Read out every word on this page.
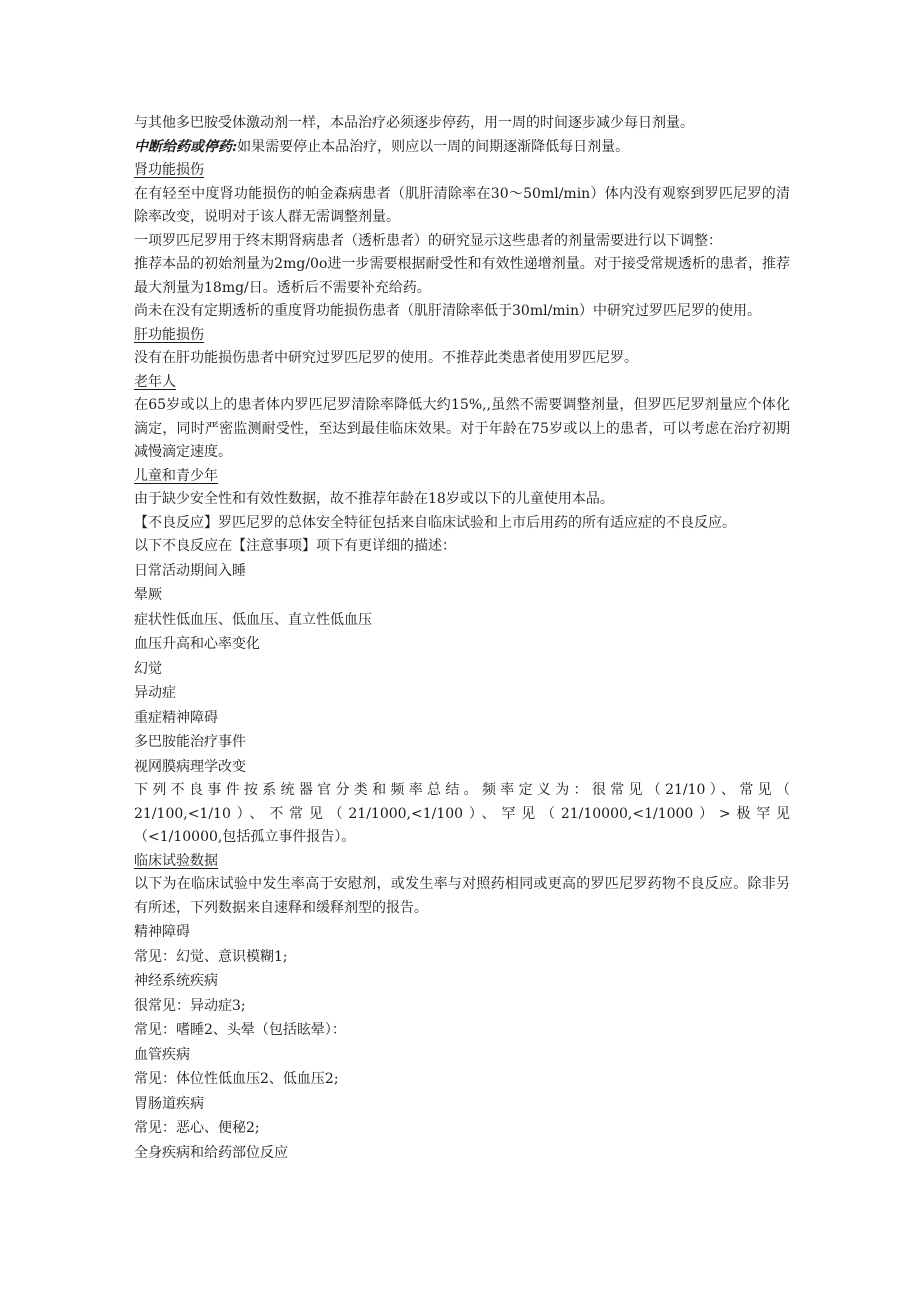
与其他多巴胺受体激动剂一样，本品治疗必须逐步停药，用一周的时间逐步减少每日剂量。

中断给药或停药:如果需要停止本品治疗，则应以一周的间期逐渐降低每日剂量。

肾功能损伤

在有轻至中度肾功能损伤的帕金森病患者（肌肝清除率在30～50ml/min）体内没有观察到罗匹尼罗的清除率改变，说明对于该人群无需调整剂量。

一项罗匹尼罗用于终末期肾病患者（透析患者）的研究显示这些患者的剂量需要进行以下调整：

推荐本品的初始剂量为2mg/0o进一步需要根据耐受性和有效性递增剂量。对于接受常规透析的患者，推荐最大剂量为18mg/日。透析后不需要补充给药。

尚未在没有定期透析的重度肾功能损伤患者（肌肝清除率低于30ml/min）中研究过罗匹尼罗的使用。

肝功能损伤

没有在肝功能损伤患者中研究过罗匹尼罗的使用。不推荐此类患者使用罗匹尼罗。

老年人

在65岁或以上的患者体内罗匹尼罗清除率降低大约15%,,虽然不需要调整剂量，但罗匹尼罗剂量应个体化滴定，同时严密监测耐受性，至达到最佳临床效果。对于年龄在75岁或以上的患者，可以考虑在治疗初期减慢滴定速度。

儿童和青少年

由于缺少安全性和有效性数据，故不推荐年龄在18岁或以下的儿童使用本品。

【不良反应】罗匹尼罗的总体安全特征包括来自临床试验和上市后用药的所有适应症的不良反应。

以下不良反应在【注意事项】项下有更详细的描述：

日常活动期间入睡

晕厥

症状性低血压、低血压、直立性低血压

血压升高和心率变化

幻觉

异动症

重症精神障碍

多巴胺能治疗事件

视网膜病理学改变

下列不良事件按系统器官分类和频率总结。频率定义为：很常见（21/10）、常见（

21/100,<1/10）、不常见（21/1000,<1/100）、罕见（21/10000,<1/1000）>极罕见

（<1/10000,包括孤立事件报告）。

临床试验数据

以下为在临床试验中发生率高于安慰剂，或发生率与对照药相同或更高的罗匹尼罗药物不良反应。除非另有所述，下列数据来自速释和缓释剂型的报告。

精神障碍

常见：幻觉、意识模糊1;

神经系统疾病

很常见：异动症3;

常见：嗜睡2、头晕（包括眩晕）：

血管疾病

常见：体位性低血压2、低血压2;

胃肠道疾病

常见：恶心、便秘2;

全身疾病和给药部位反应
